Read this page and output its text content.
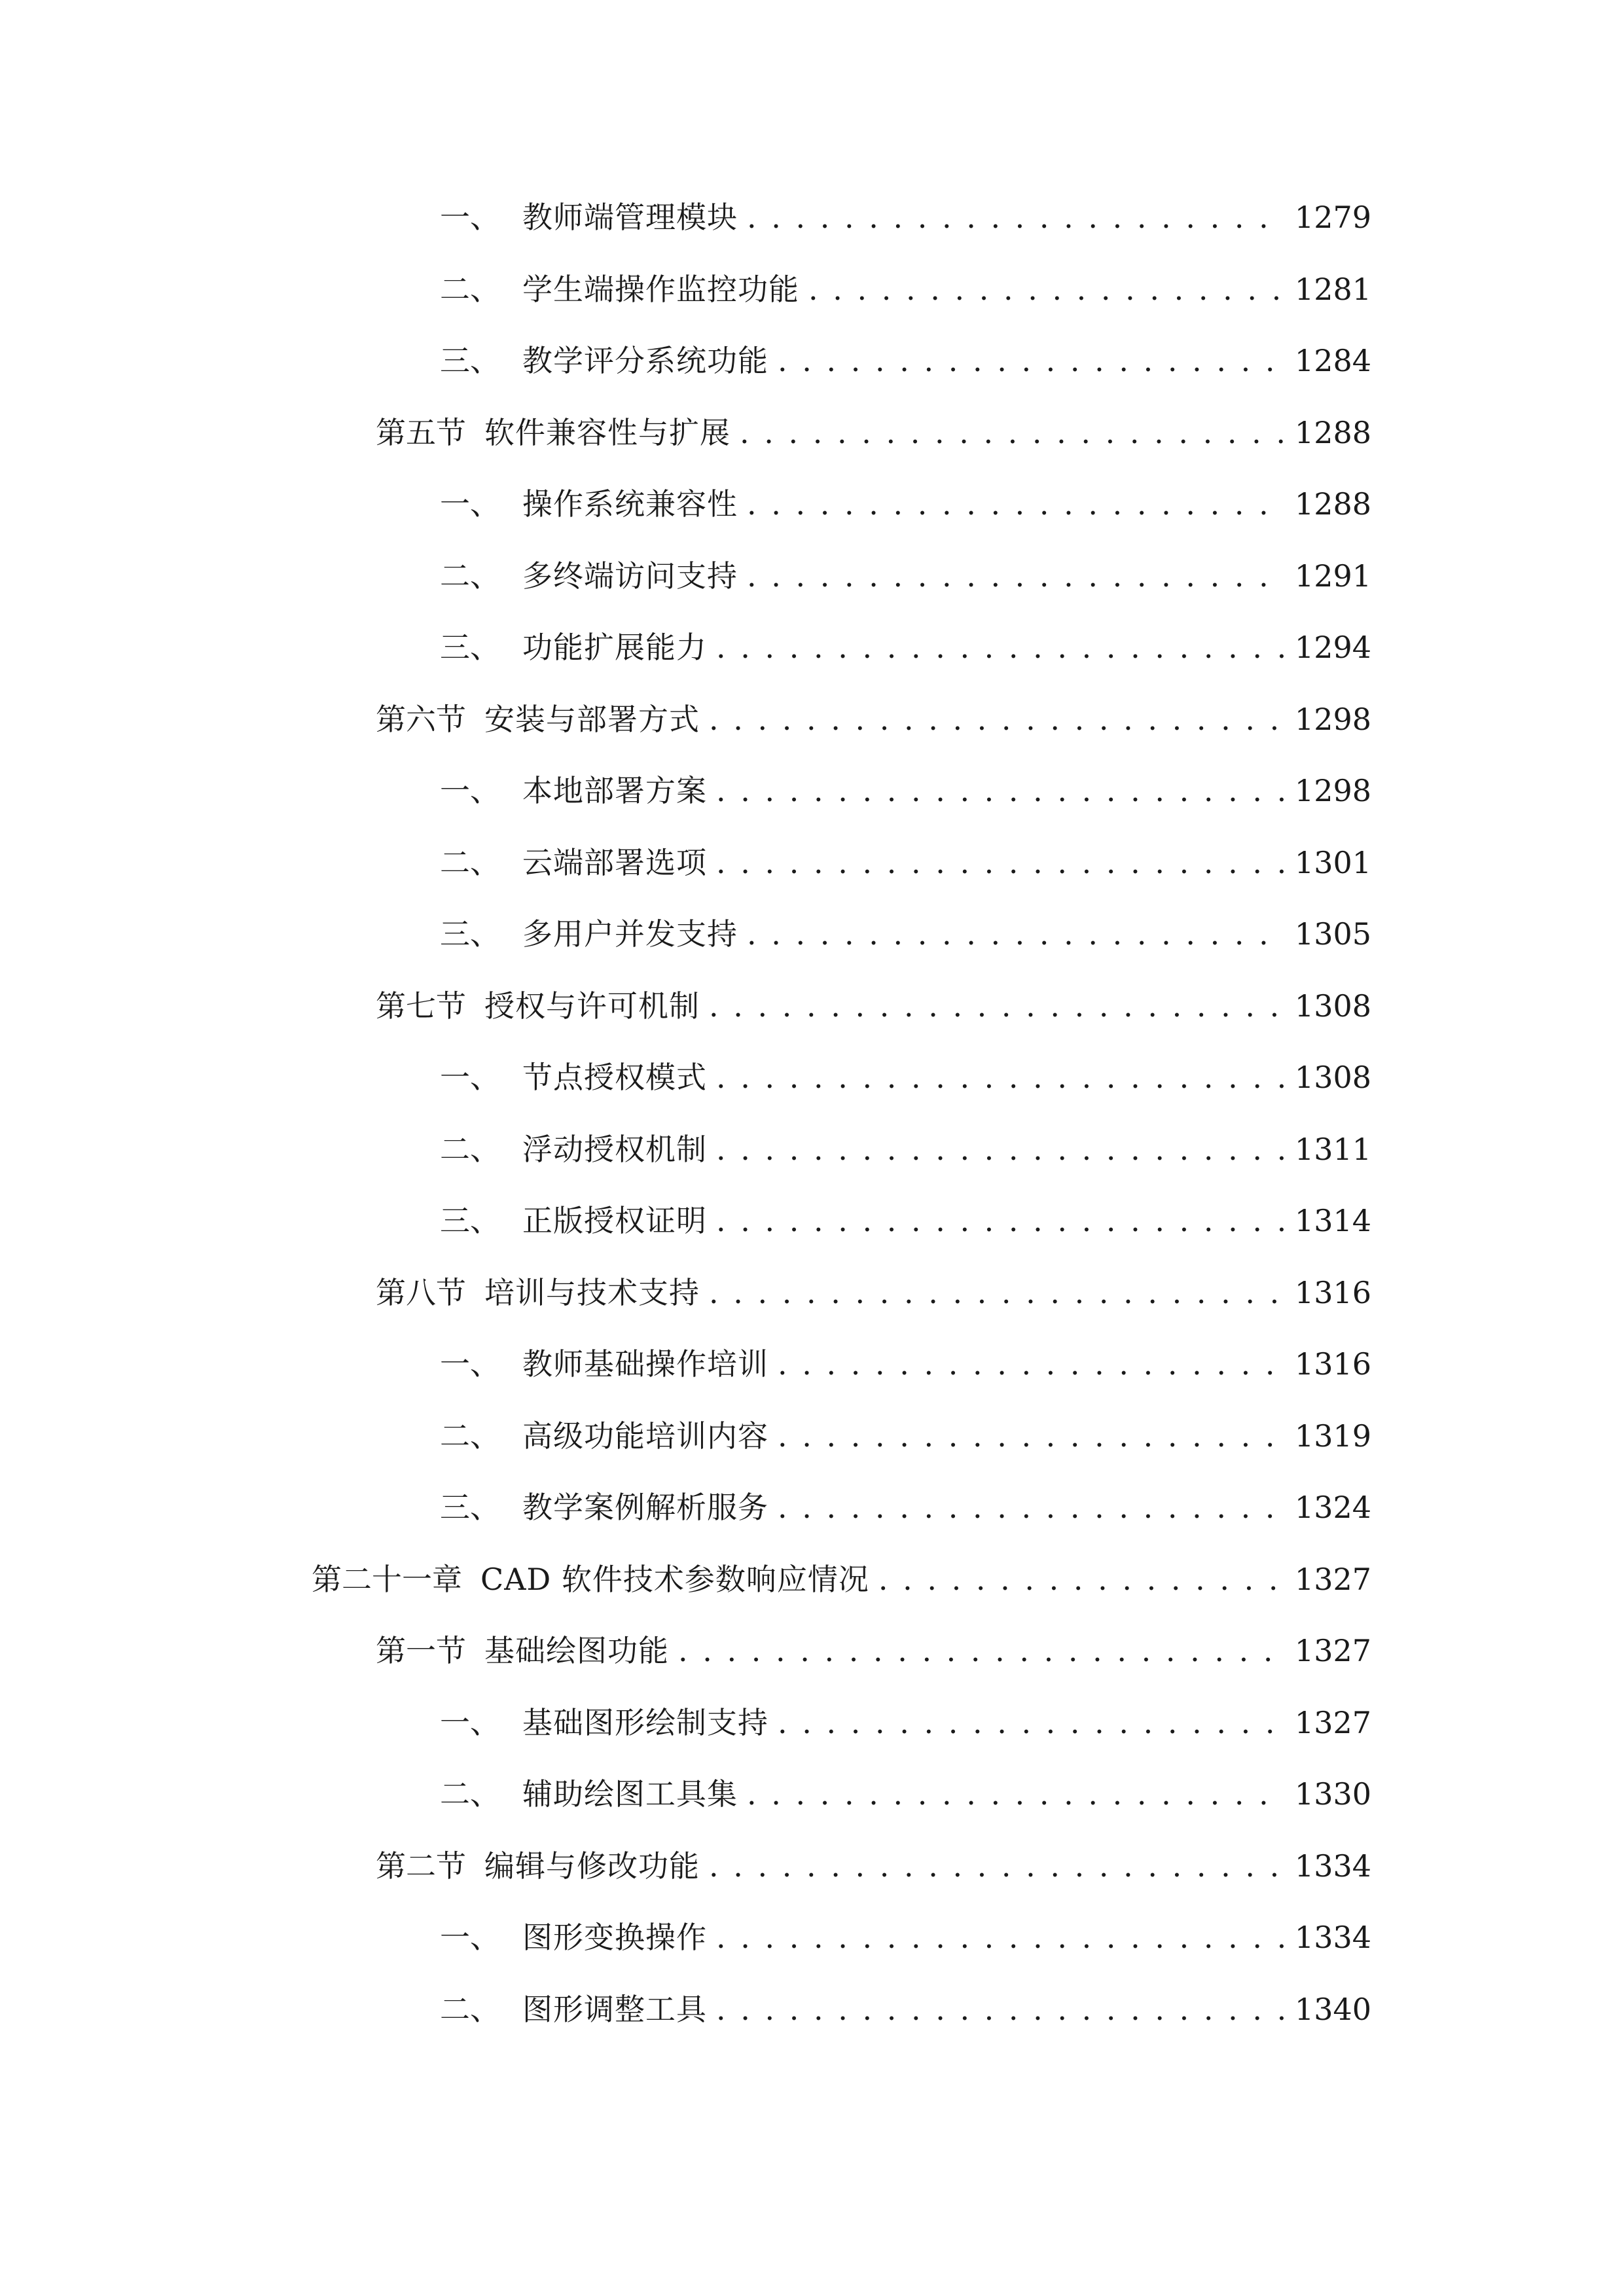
一、 教师端管理模块 . . .	1279
二、 学生端操作监控功能 . . .	1281
三、 教学评分系统功能 . . .	1284
第五节 软件兼容性与扩展 . . .	1288
一、 操作系统兼容性 . . .	1288
二、 多终端访问支持 . . .	1291
三、 功能扩展能力 . . .	1294
第六节 安装与部署方式 . . .	1298
一、 本地部署方案 . . .	1298
二、 云端部署选项 . . .	1301
三、 多用户并发支持 . . .	1305
第七节 授权与许可机制 . . .	1308
一、 节点授权模式 . . .	1308
二、 浮动授权机制 . . .	1311
三、 正版授权证明 . . .	1314
第八节 培训与技术支持 . . .	1316
一、 教师基础操作培训 . . .	1316
二、 高级功能培训内容 . . .	1319
三、 教学案例解析服务 . . .	1324
第二十一章 CAD 软件技术参数响应情况 . . .	1327
第一节 基础绘图功能 . . .	1327
一、 基础图形绘制支持 . . .	1327
二、 辅助绘图工具集 . . .	1330
第二节 编辑与修改功能 . . .	1334
一、 图形变换操作 . . .	1334
二、 图形调整工具 . . .	1340
